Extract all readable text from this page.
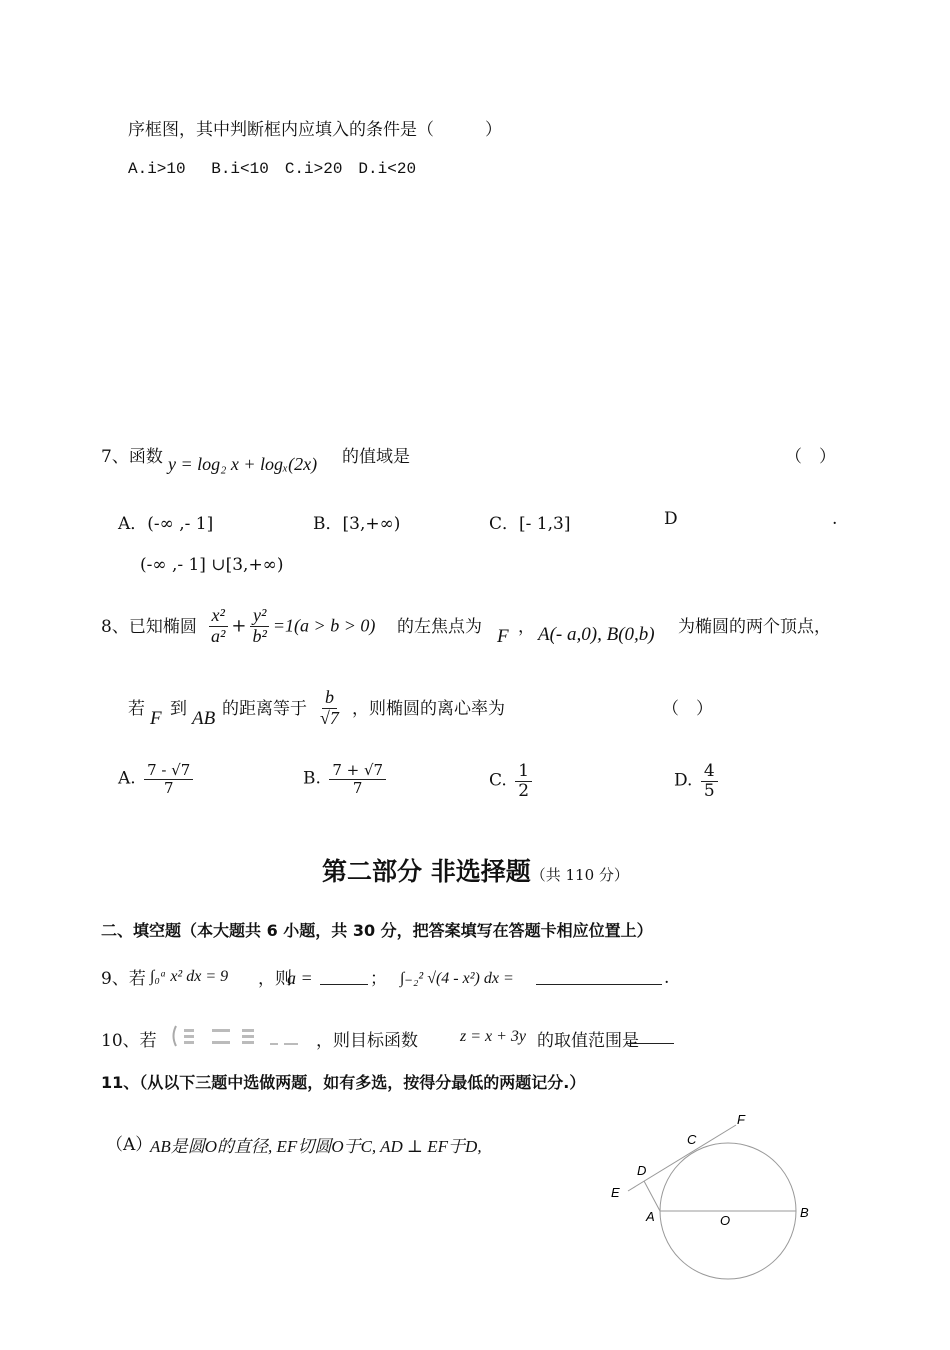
序框图，其中判断框内应填入的条件是（　　　）
A.i>10　 B.i<10　C.i>20　D.i<20
7、函数 y = log₂ x + logₓ(2x) 的值域是	（　）
A．(-∞ ,- 1]	B．[3,+∞)	C．[- 1,3]	D	.
(-∞ ,- 1] ∪[3,+∞)
8、已知椭圆 $\frac{\text{x²}}{\text{a²}} + \frac{\text{y²}}{\text{b²}} =1(a > b > 0)$ 的左焦点为 F ， A(- a,0), B(0,b) 为椭圆的两个顶点，
若 F 到 AB 的距离等于 $\frac{b}{√7}$ ，则椭圆的离心率为	（　）
A. $\frac{7 - √7}{7}$	B. $\frac{7 + √7}{7}$	C. $\frac{1}{2}$	D. $\frac{4}{5}$
第二部分 非选择题（共 110 分）
二、填空题（本大题共 6 小题，共 30 分，把答案填写在答题卡相应位置上）
9、若 ∫₀ᵃ x² dx = 9 ，则
a =	； ∫₋₂² √(4 - x²) dx =	.
10、若	，则目标函数	z = x + 3y 的取值范围是
11、（从以下三题中选做两题，如有多选，按得分最低的两题记分.）
（A）
AB是圆O的直径, EF切圆O于C, AD ⊥ EF于D,
F
C
D
E
A	O
B
